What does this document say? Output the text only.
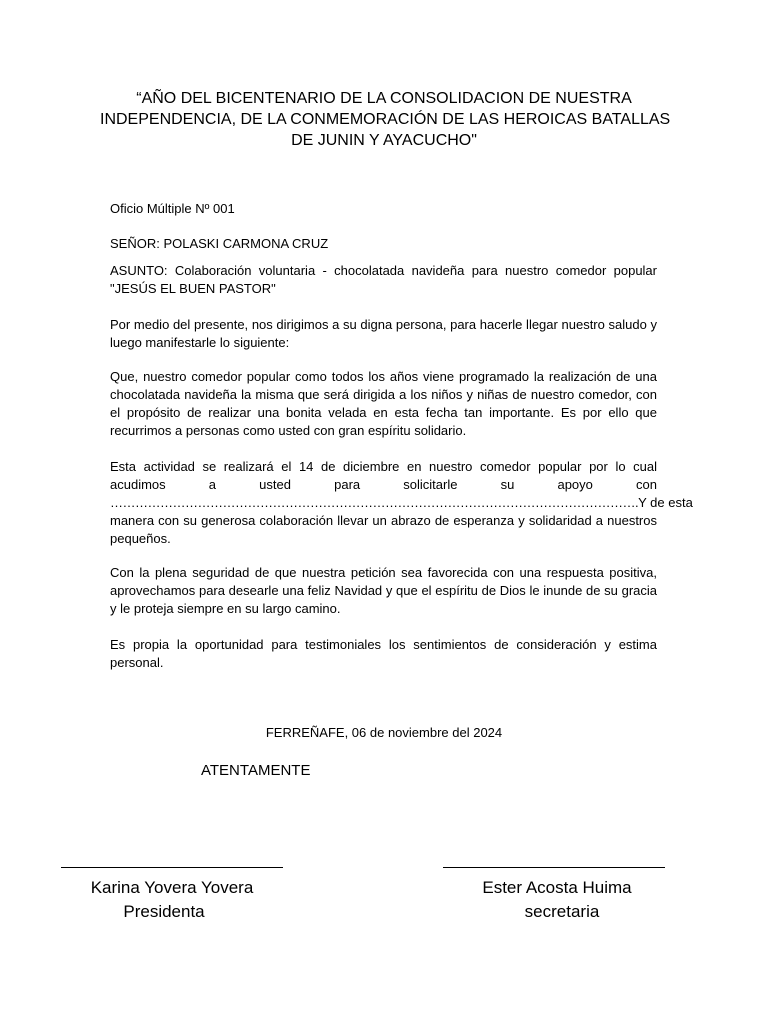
“AÑO DEL BICENTENARIO DE LA CONSOLIDACION DE NUESTRA
INDEPENDENCIA, DE LA CONMEMORACIÓN DE LAS HEROICAS BATALLAS
DE JUNIN Y AYACUCHO"
Oficio Múltiple Nº 001
SEÑOR: POLASKI CARMONA CRUZ
ASUNTO: Colaboración voluntaria - chocolatada navideña para nuestro comedor popular "JESÚS EL BUEN PASTOR"
Por medio del presente, nos dirigimos a su digna persona, para hacerle llegar nuestro saludo y luego manifestarle lo siguiente:
Que, nuestro comedor popular como todos los años viene programado la realización de una chocolatada navideña la misma que será dirigida a los niños y niñas de nuestro comedor, con el propósito de realizar una bonita velada en esta fecha tan importante. Es por ello que recurrimos a personas como usted con gran espíritu solidario.
Esta actividad se realizará el 14 de diciembre en nuestro comedor popular por lo cual
acudimos a usted para solicitarle su apoyo con
………………………………………………………………………………………………………………. Y de esta
manera con su generosa colaboración llevar un abrazo de esperanza y solidaridad a nuestros pequeños.
Con la plena seguridad de que nuestra petición sea favorecida con una respuesta positiva, aprovechamos para desearle una feliz Navidad y que el espíritu de Dios le inunde de su gracia y le proteja siempre en su largo camino.
Es propia la oportunidad para testimoniales los sentimientos de consideración y estima personal.
FERREÑAFE, 06 de noviembre del 2024
ATENTAMENTE
Karina Yovera Yovera
Presidenta
Ester Acosta Huima
secretaria
